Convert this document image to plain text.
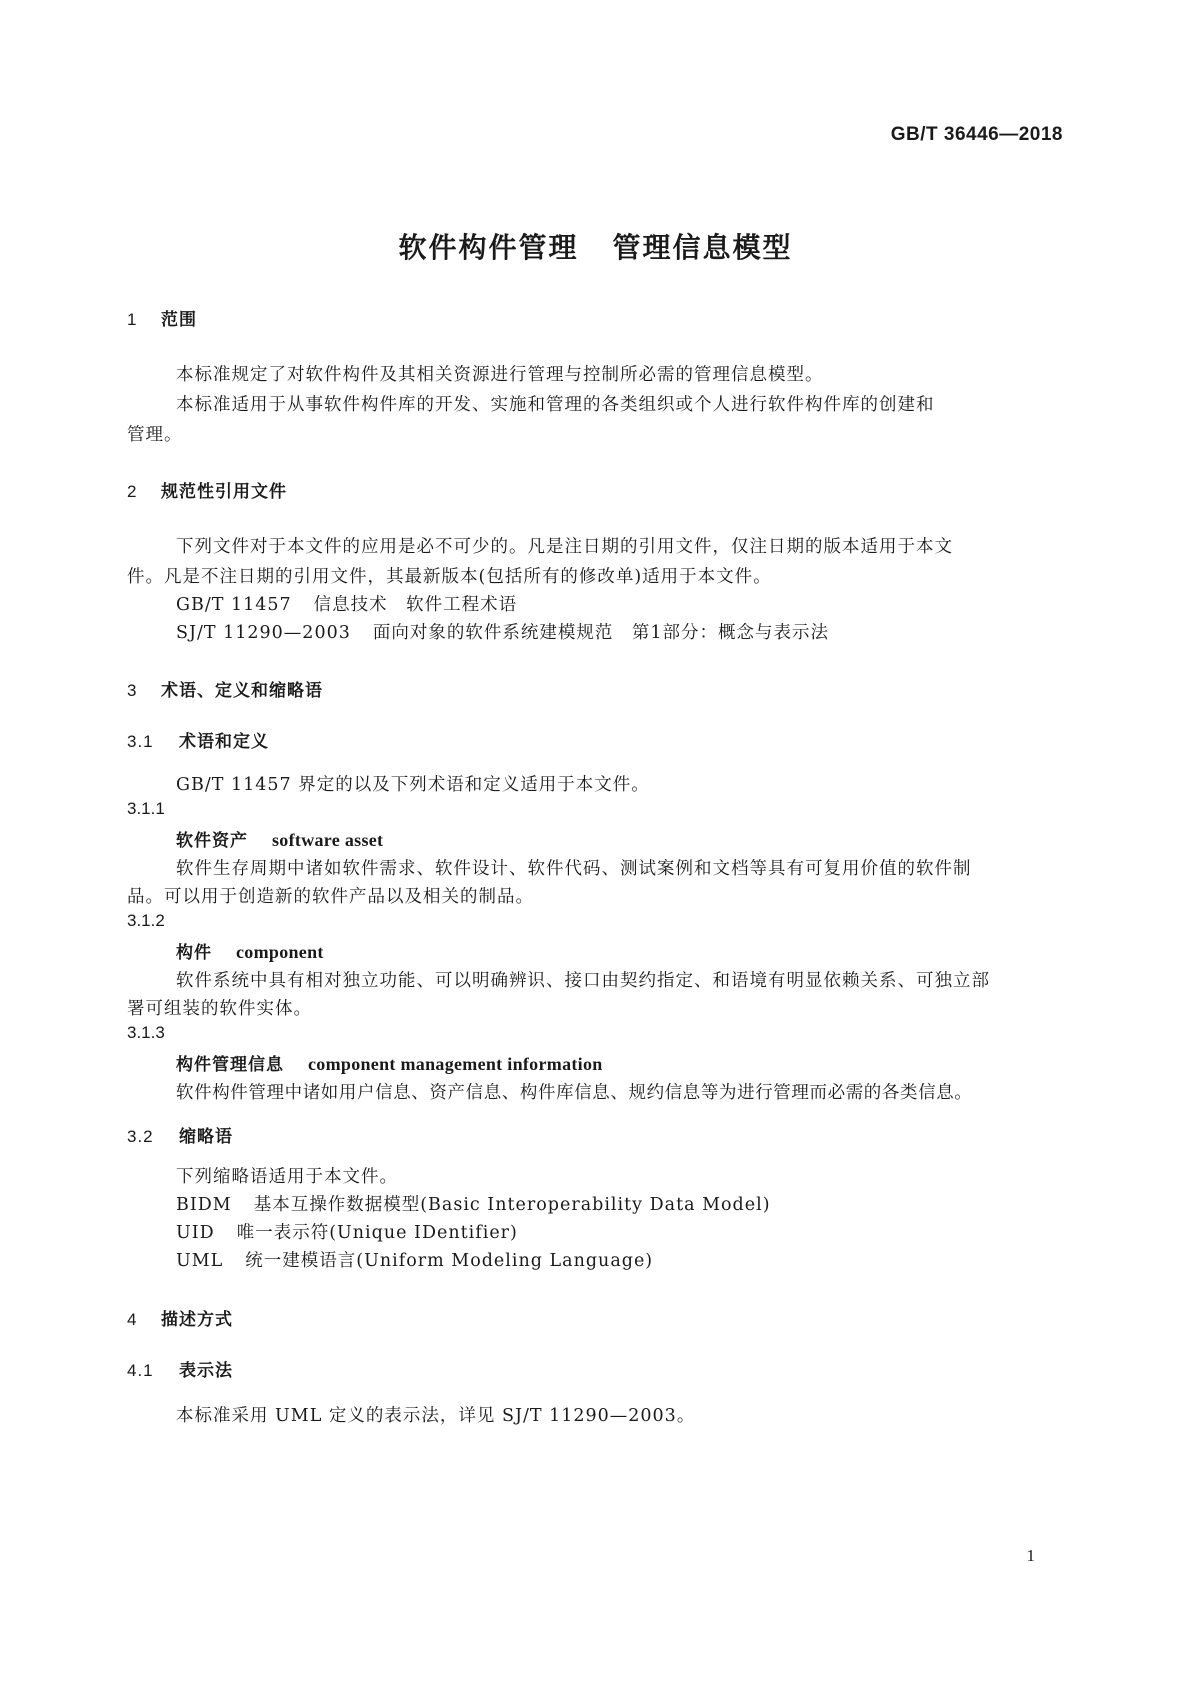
GB/T 36446—2018
软件构件管理 管理信息模型
1 范围
本标准规定了对软件构件及其相关资源进行管理与控制所必需的管理信息模型。
本标准适用于从事软件构件库的开发、实施和管理的各类组织或个人进行软件构件库的创建和
管理。
2 规范性引用文件
下列文件对于本文件的应用是必不可少的。凡是注日期的引用文件，仅注日期的版本适用于本文
件。凡是不注日期的引用文件，其最新版本(包括所有的修改单)适用于本文件。
GB/T 11457 信息技术　软件工程术语
SJ/T 11290—2003 面向对象的软件系统建模规范　第1部分：概念与表示法
3 术语、定义和缩略语
3.1 术语和定义
GB/T 11457 界定的以及下列术语和定义适用于本文件。
3.1.1
软件资产 software asset
软件生存周期中诸如软件需求、软件设计、软件代码、测试案例和文档等具有可复用价值的软件制
品。可以用于创造新的软件产品以及相关的制品。
3.1.2
构件 component
软件系统中具有相对独立功能、可以明确辨识、接口由契约指定、和语境有明显依赖关系、可独立部
署可组装的软件实体。
3.1.3
构件管理信息 component management information
软件构件管理中诸如用户信息、资产信息、构件库信息、规约信息等为进行管理而必需的各类信息。
3.2 缩略语
下列缩略语适用于本文件。
BIDM 基本互操作数据模型(Basic Interoperability Data Model)
UID 唯一表示符(Unique IDentifier)
UML 统一建模语言(Uniform Modeling Language)
4 描述方式
4.1 表示法
本标准采用 UML 定义的表示法，详见 SJ/T 11290—2003。
1
